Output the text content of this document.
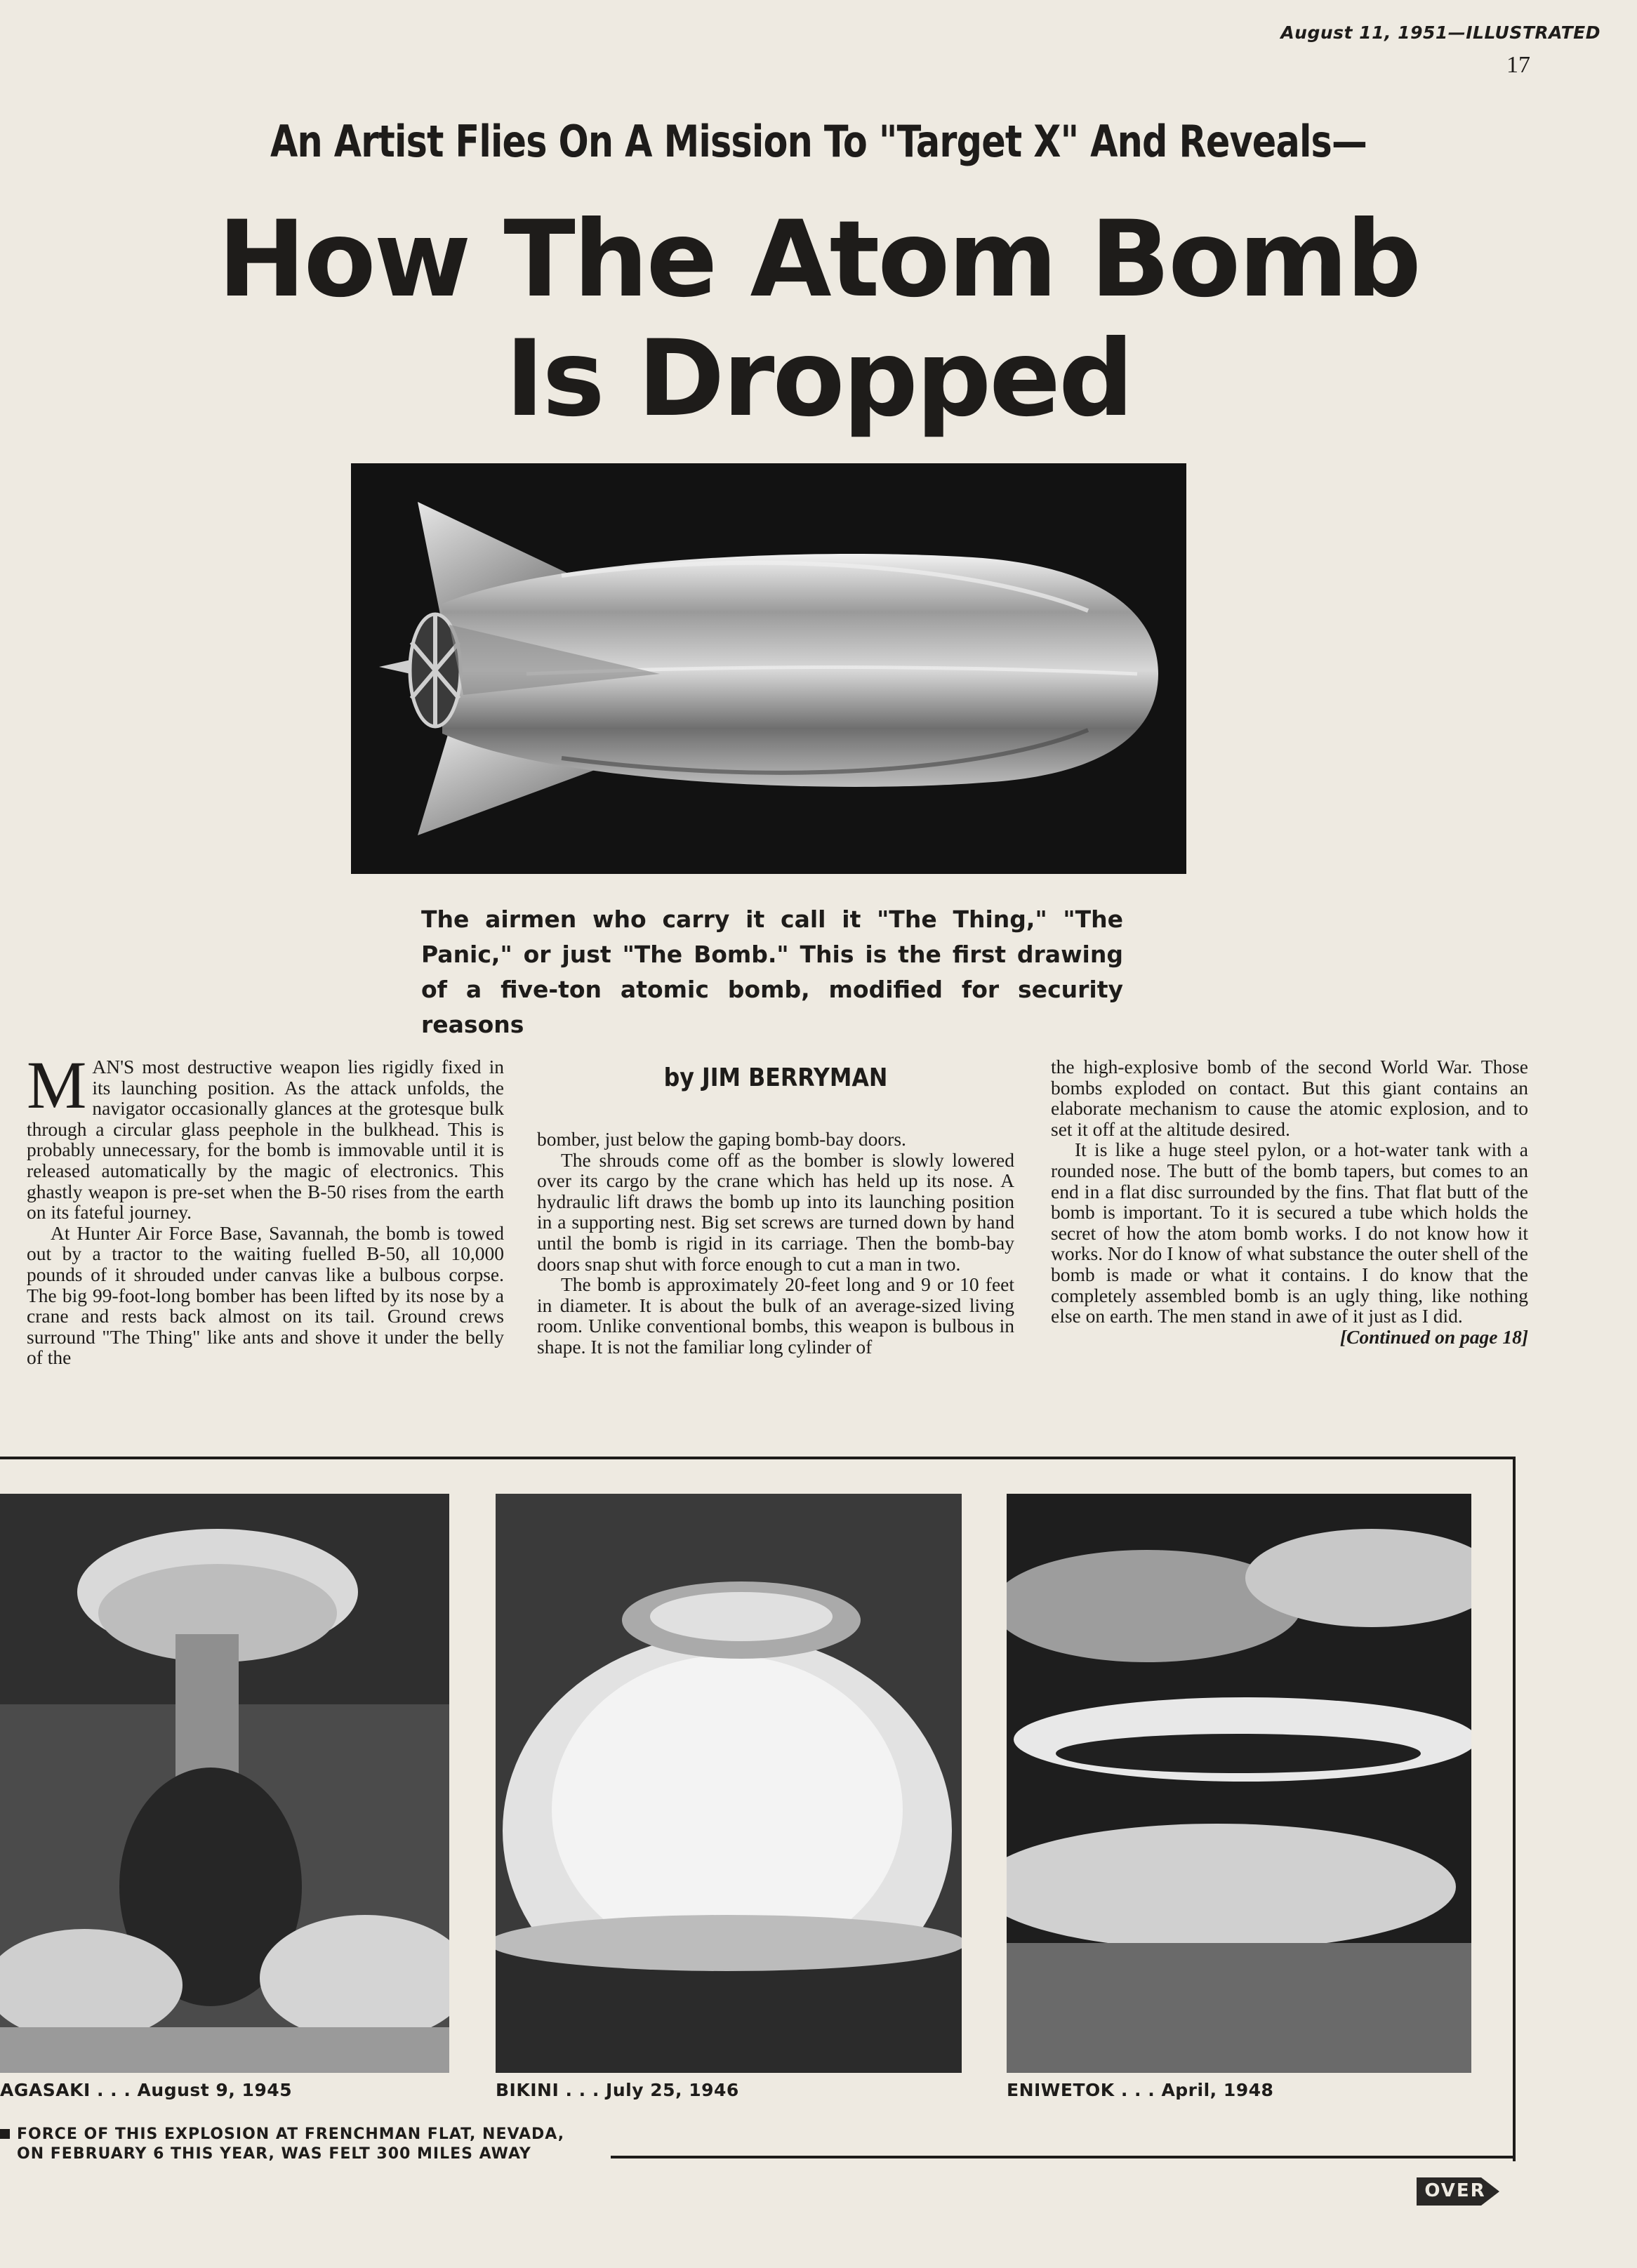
August 11, 1951—ILLUSTRATED
17
An Artist Flies On A Mission To "Target X" And Reveals—
How The Atom Bomb
Is Dropped
The airmen who carry it call it "The Thing," "The Panic," or just "The Bomb." This is the first drawing of a five-ton atomic bomb, modified for security reasons

MAN'S most destructive weapon lies rigidly fixed in its launching position. As the attack unfolds, the navigator occasionally glances at the grotesque bulk through a circular glass peephole in the bulkhead. This is probably unnecessary, for the bomb is immovable until it is released automatically by the magic of electronics. This ghastly weapon is pre-set when the B-50 rises from the earth on its fateful journey.

At Hunter Air Force Base, Savannah, the bomb is towed out by a tractor to the waiting fuelled B-50, all 10,000 pounds of it shrouded under canvas like a bulbous corpse. The big 99-foot-long bomber has been lifted by its nose by a crane and rests back almost on its tail. Ground crews surround "The Thing" like ants and shove it under the belly of the

by JIM BERRYMAN

bomber, just below the gaping bomb-bay doors.

The shrouds come off as the bomber is slowly lowered over its cargo by the crane which has held up its nose. A hydraulic lift draws the bomb up into its launching position in a supporting nest. Big set screws are turned down by hand until the bomb is rigid in its carriage. Then the bomb-bay doors snap shut with force enough to cut a man in two.

The bomb is approximately 20-feet long and 9 or 10 feet in diameter. It is about the bulk of an average-sized living room. Unlike conventional bombs, this weapon is bulbous in shape. It is not the familiar long cylinder of

the high-explosive bomb of the second World War. Those bombs exploded on contact. But this giant contains an elaborate mechanism to cause the atomic explosion, and to set it off at the altitude desired.

It is like a huge steel pylon, or a hot-water tank with a rounded nose. The butt of the bomb tapers, but comes to an end in a flat disc surrounded by the fins. That flat butt of the bomb is important. To it is secured a tube which holds the secret of how the atom bomb works. I do not know how it works. Nor do I know of what substance the outer shell of the bomb is made or what it contains. I do know that the completely assembled bomb is an ugly thing, like nothing else on earth. The men stand in awe of it just as I did.

[Continued on page 18]
AGASAKI . . . August 9, 1945	BIKINI . . . July 25, 1946	ENIWETOK . . . April, 1948
FORCE OF THIS EXPLOSION AT FRENCHMAN FLAT, NEVADA,
ON FEBRUARY 6 THIS YEAR, WAS FELT 300 MILES AWAY
OVER
